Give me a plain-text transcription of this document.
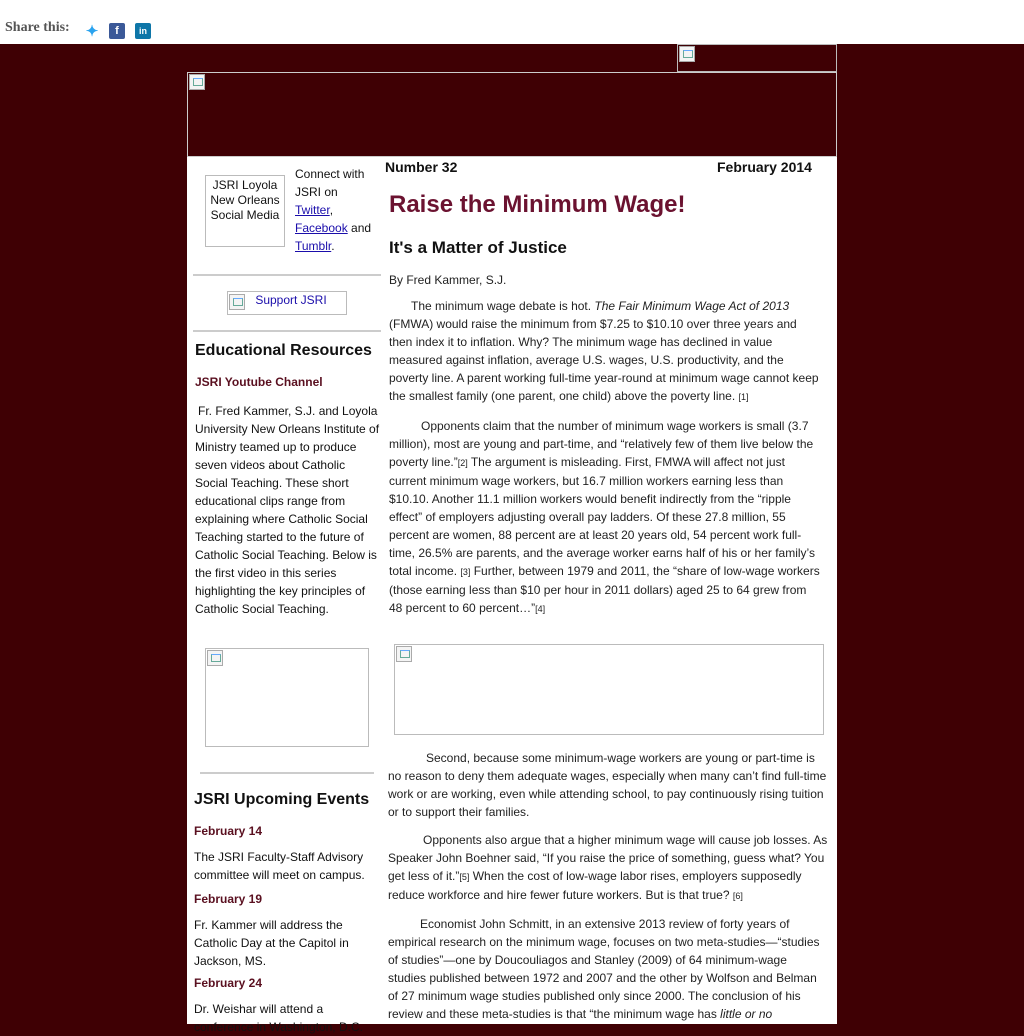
Share this: ✦	f	in
JSRI Loyola New Orleans Social Media
Connect with JSRI on
Twitter,
Facebook and
Tumblr.
Support JSRI
Educational Resources
JSRI Youtube Channel
Fr. Fred Kammer, S.J. and Loyola University New Orleans Institute of Ministry teamed up to produce seven videos about Catholic Social Teaching. These short educational clips range from explaining where Catholic Social Teaching started to the future of Catholic Social Teaching. Below is the first video in this series highlighting the key principles of Catholic Social Teaching.
JSRI Upcoming Events
February 14
The JSRI Faculty-Staff Advisory committee will meet on campus.
February 19
Fr. Kammer will address the Catholic Day at the Capitol in Jackson, MS.
February 24
Dr. Weishar will attend a conference in Washington, D.C.
Number 32	February 2014
Raise the Minimum Wage!
It's a Matter of Justice
By Fred Kammer, S.J.

The minimum wage debate is hot. The Fair Minimum Wage Act of 2013 (FMWA) would raise the minimum from $7.25 to $10.10 over three years and then index it to inflation. Why? The minimum wage has declined in value measured against inflation, average U.S. wages, U.S. productivity, and the poverty line. A parent working full-time year-round at minimum wage cannot keep the smallest family (one parent, one child) above the poverty line. [1]

Opponents claim that the number of minimum wage workers is small (3.7 million), most are young and part-time, and “relatively few of them live below the poverty line.”[2] The argument is misleading. First, FMWA will affect not just current minimum wage workers, but 16.7 million workers earning less than $10.10. Another 11.1 million workers would benefit indirectly from the “ripple effect” of employers adjusting overall pay ladders. Of these 27.8 million, 55 percent are women, 88 percent are at least 20 years old, 54 percent work full-time, 26.5% are parents, and the average worker earns half of his or her family’s total income. [3] Further, between 1979 and 2011, the “share of low-wage workers (those earning less than $10 per hour in 2011 dollars) aged 25 to 64 grew from 48 percent to 60 percent…”[4]

Second, because some minimum-wage workers are young or part-time is no reason to deny them adequate wages, especially when many can’t find full-time work or are working, even while attending school, to pay continuously rising tuition or to support their families.

Opponents also argue that a higher minimum wage will cause job losses. As Speaker John Boehner said, “If you raise the price of something, guess what? You get less of it.”[5] When the cost of low-wage labor rises, employers supposedly reduce workforce and hire fewer future workers. But is that true? [6]

Economist John Schmitt, in an extensive 2013 review of forty years of empirical research on the minimum wage, focuses on two meta-studies—“studies of studies”—one by Doucouliagos and Stanley (2009) of 64 minimum-wage studies published between 1972 and 2007 and the other by Wolfson and Belman of 27 minimum wage studies published only since 2000. The conclusion of his review and these meta-studies is that “the minimum wage has little or no
